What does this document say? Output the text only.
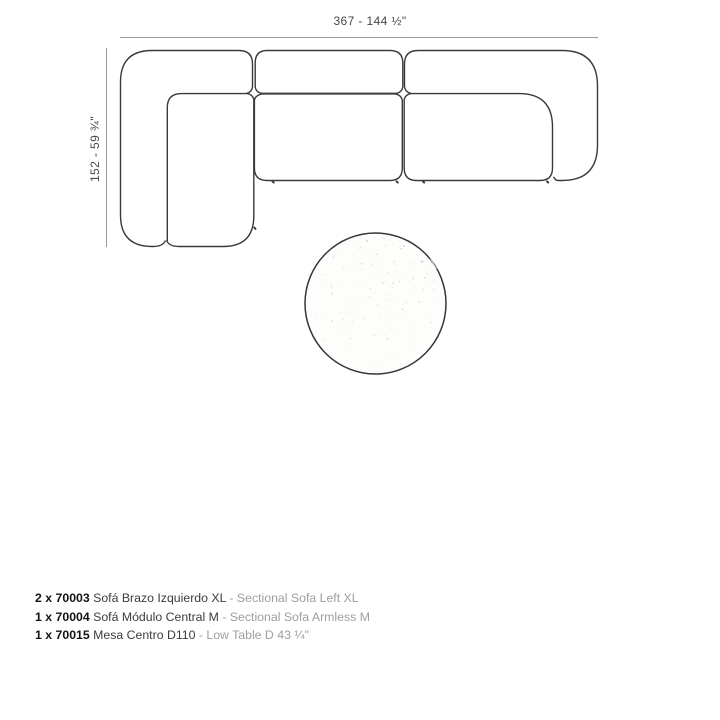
367 - 144 ½"
152 - 59 ¾"
2 x 70003 Sofá Brazo Izquierdo XL - Sectional Sofa Left XL
1 x 70004 Sofá Módulo Central M - Sectional Sofa Armless M
1 x 70015 Mesa Centro D110 - Low Table D 43 ¼"
